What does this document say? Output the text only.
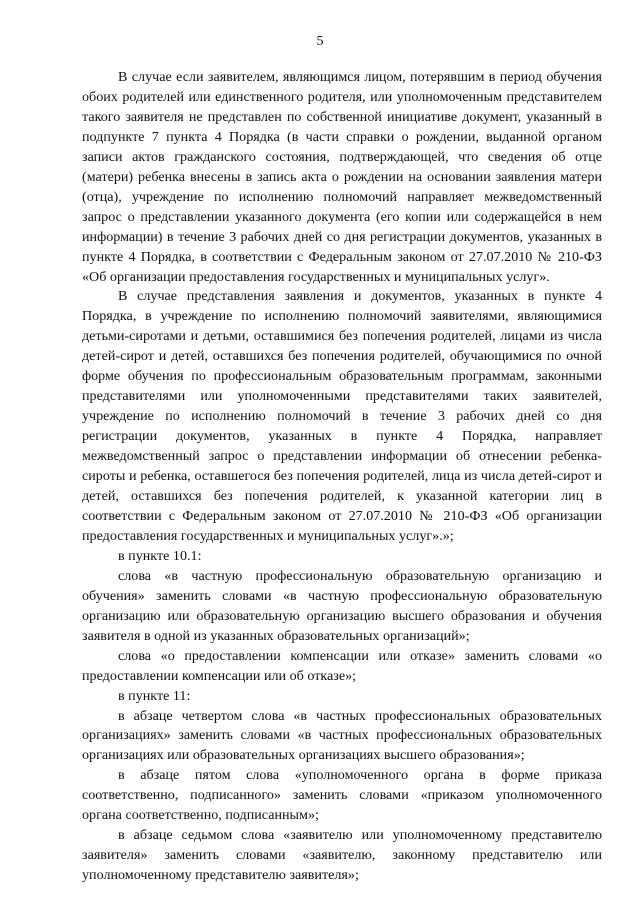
5

В случае если заявителем, являющимся лицом, потерявшим в период обучения обоих родителей или единственного родителя, или уполномоченным представителем такого заявителя не представлен по собственной инициативе документ, указанный в подпункте 7 пункта 4 Порядка (в части справки о рождении, выданной органом записи актов гражданского состояния, подтверждающей, что сведения об отце (матери) ребенка внесены в запись акта о рождении на основании заявления матери (отца), учреждение по исполнению полномочий направляет межведомственный запрос о представлении указанного документа (его копии или содержащейся в нем информации) в течение 3 рабочих дней со дня регистрации документов, указанных в пункте 4 Порядка, в соответствии с Федеральным законом от 27.07.2010 № 210-ФЗ «Об организации предоставления государственных и муниципальных услуг».

В случае представления заявления и документов, указанных в пункте 4 Порядка, в учреждение по исполнению полномочий заявителями, являющимися детьми-сиротами и детьми, оставшимися без попечения родителей, лицами из числа детей-сирот и детей, оставшихся без попечения родителей, обучающимися по очной форме обучения по профессиональным образовательным программам, законными представителями или уполномоченными представителями таких заявителей, учреждение по исполнению полномочий в течение 3 рабочих дней со дня регистрации документов, указанных в пункте 4 Порядка, направляет межведомственный запрос о представлении информации об отнесении ребенка-сироты и ребенка, оставшегося без попечения родителей, лица из числа детей-сирот и детей, оставшихся без попечения родителей, к указанной категории лиц в соответствии с Федеральным законом от 27.07.2010 № 210-ФЗ «Об организации предоставления государственных и муниципальных услуг».»;

в пункте 10.1:

слова «в частную профессиональную образовательную организацию и обучения» заменить словами «в частную профессиональную образовательную организацию или образовательную организацию высшего образования и обучения заявителя в одной из указанных образовательных организаций»;

слова «о предоставлении компенсации или отказе» заменить словами «о предоставлении компенсации или об отказе»;

в пункте 11:

в абзаце четвертом слова «в частных профессиональных образовательных организациях» заменить словами «в частных профессиональных образовательных организациях или образовательных организациях высшего образования»;

в абзаце пятом слова «уполномоченного органа в форме приказа соответственно, подписанного» заменить словами «приказом уполномоченного органа соответственно, подписанным»;

в абзаце седьмом слова «заявителю или уполномоченному представителю заявителя» заменить словами «заявителю, законному представителю или уполномоченному представителю заявителя»;
